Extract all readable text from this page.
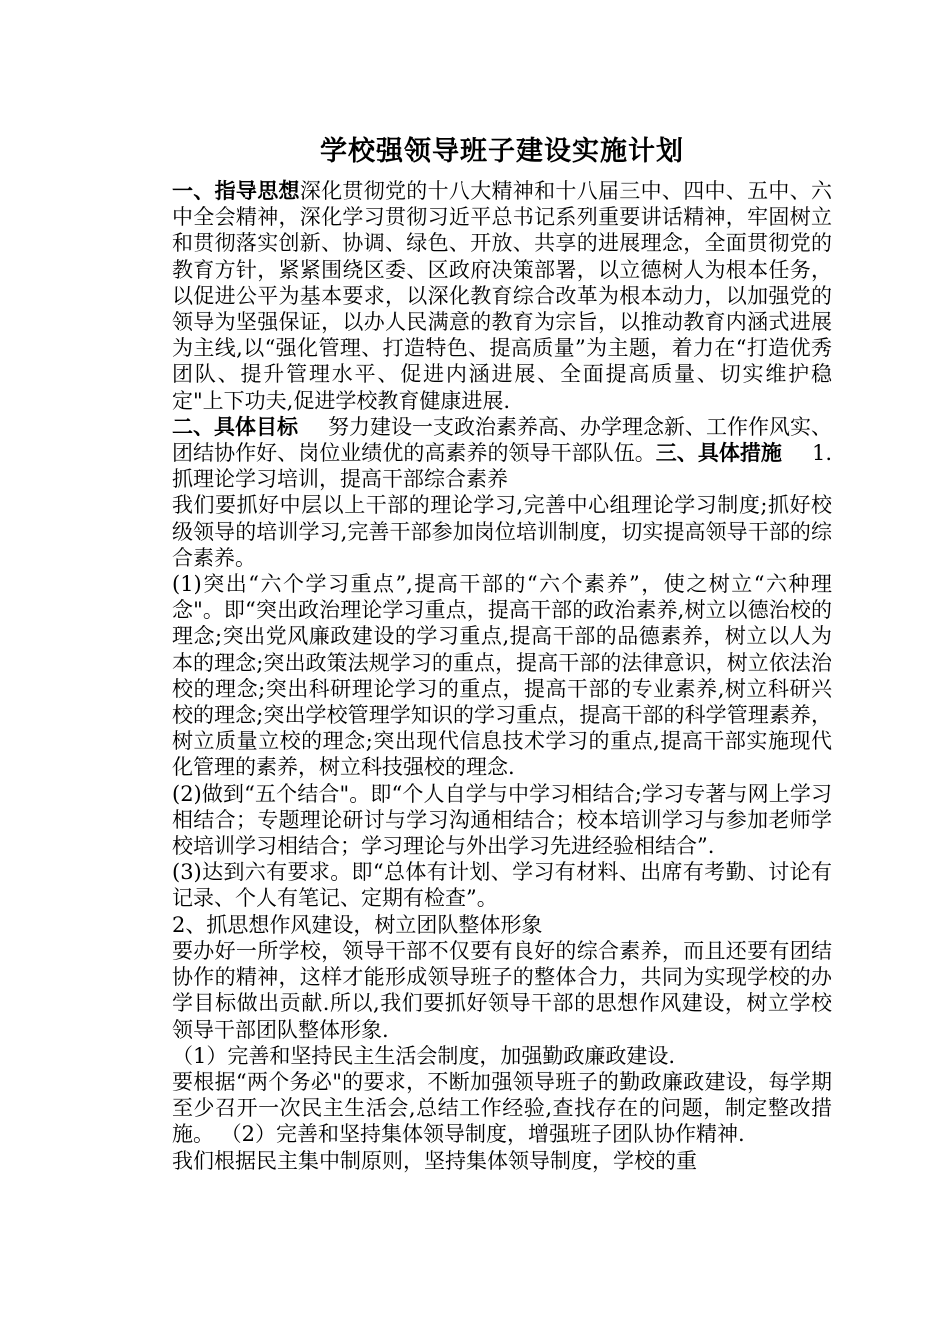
学校强领导班子建设实施计划

一、指导思想深化贯彻党的十八大精神和十八届三中、四中、五中、六中全会精神，深化学习贯彻习近平总书记系列重要讲话精神，牢固树立和贯彻落实创新、协调、绿色、开放、共享的进展理念，全面贯彻党的教育方针，紧紧围绕区委、区政府决策部署，以立德树人为根本任务，以促进公平为基本要求，以深化教育综合改革为根本动力，以加强党的领导为坚强保证，以办人民满意的教育为宗旨，以推动教育内涵式进展为主线,以“强化管理、打造特色、提高质量”为主题，着力在“打造优秀团队、提升管理水平、促进内涵进展、全面提高质量、切实维护稳定"上下功夫,促进学校教育健康进展.

二、具体目标 努力建设一支政治素养高、办学理念新、工作作风实、团结协作好、岗位业绩优的高素养的领导干部队伍。三、具体措施 1. 抓理论学习培训，提高干部综合素养

我们要抓好中层以上干部的理论学习,完善中心组理论学习制度;抓好校级领导的培训学习,完善干部参加岗位培训制度，切实提高领导干部的综合素养。

(1)突出“六个学习重点”,提高干部的“六个素养”，使之树立“六种理念"。即“突出政治理论学习重点，提高干部的政治素养,树立以德治校的理念;突出党风廉政建设的学习重点,提高干部的品德素养，树立以人为本的理念;突出政策法规学习的重点，提高干部的法律意识，树立依法治校的理念;突出科研理论学习的重点，提高干部的专业素养,树立科研兴校的理念;突出学校管理学知识的学习重点，提高干部的科学管理素养，树立质量立校的理念;突出现代信息技术学习的重点,提高干部实施现代化管理的素养，树立科技强校的理念.

(2)做到“五个结合"。即“个人自学与中学习相结合;学习专著与网上学习相结合；专题理论研讨与学习沟通相结合；校本培训学习与参加老师学校培训学习相结合；学习理论与外出学习先进经验相结合”.

(3)达到六有要求。即“总体有计划、学习有材料、出席有考勤、讨论有记录、个人有笔记、定期有检查”。

2、抓思想作风建设，树立团队整体形象

要办好一所学校，领导干部不仅要有良好的综合素养，而且还要有团结协作的精神，这样才能形成领导班子的整体合力，共同为实现学校的办学目标做出贡献.所以,我们要抓好领导干部的思想作风建设，树立学校领导干部团队整体形象.

（1）完善和坚持民主生活会制度，加强勤政廉政建设.

要根据“两个务必"的要求，不断加强领导班子的勤政廉政建设，每学期至少召开一次民主生活会,总结工作经验,查找存在的问题，制定整改措施。 （2）完善和坚持集体领导制度，增强班子团队协作精神.

我们根据民主集中制原则，坚持集体领导制度，学校的重
